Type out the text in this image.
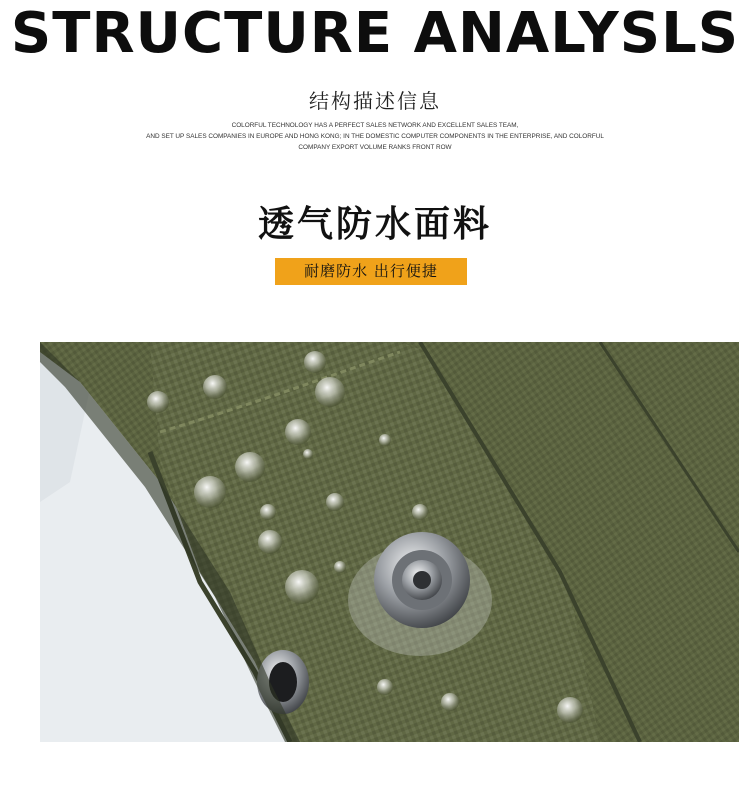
STRUCTURE ANALYSLS
结构描述信息
COLORFUL TECHNOLOGY HAS A PERFECT SALES NETWORK AND EXCELLENT SALES TEAM,
AND SET UP SALES COMPANIES IN EUROPE AND HONG KONG; IN THE DOMESTIC COMPUTER COMPONENTS IN THE ENTERPRISE, AND COLORFUL
COMPANY EXPORT VOLUME RANKS FRONT ROW
透气防水面料
耐磨防水 出行便捷
